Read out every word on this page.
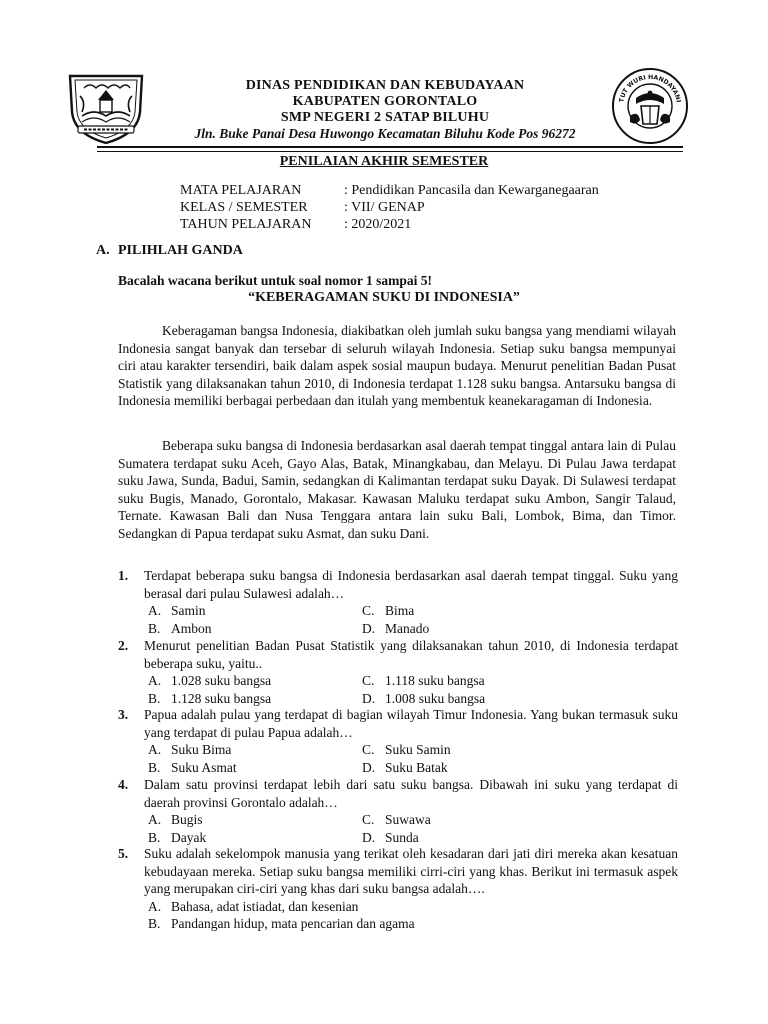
DINAS PENDIDIKAN DAN KEBUDAYAAN
KABUPATEN GORONTALO
SMP NEGERI 2 SATAP BILUHU
Jln. Buke Panai Desa Huwongo Kecamatan Biluhu Kode Pos 96272
TUT WURI HANDAYANI
PENILAIAN AKHIR SEMESTER
MATA PELAJARAN	: Pendidikan Pancasila dan Kewarganegaaran
KELAS / SEMESTER	: VII/ GENAP
TAHUN PELAJARAN	: 2020/2021
A. PILIHLAH GANDA
Bacalah wacana berikut untuk soal nomor 1 sampai 5!
“KEBERAGAMAN SUKU DI INDONESIA”
Keberagaman bangsa Indonesia, diakibatkan oleh jumlah suku bangsa yang mendiami wilayah Indonesia sangat banyak dan tersebar di seluruh wilayah Indonesia. Setiap suku bangsa mempunyai ciri atau karakter tersendiri, baik dalam aspek sosial maupun budaya. Menurut penelitian Badan Pusat Statistik yang dilaksanakan tahun 2010, di Indonesia terdapat 1.128 suku bangsa. Antarsuku bangsa di Indonesia memiliki berbagai perbedaan dan itulah yang membentuk keanekaragaman di Indonesia.
Beberapa suku bangsa di Indonesia berdasarkan asal daerah tempat tinggal antara lain di Pulau Sumatera terdapat suku Aceh, Gayo Alas, Batak, Minangkabau, dan Melayu. Di Pulau Jawa terdapat suku Jawa, Sunda, Badui, Samin, sedangkan di Kalimantan terdapat suku Dayak. Di Sulawesi terdapat suku Bugis, Manado, Gorontalo, Makasar. Kawasan Maluku terdapat suku Ambon, Sangir Talaud, Ternate. Kawasan Bali dan Nusa Tenggara antara lain suku Bali, Lombok, Bima, dan Timor. Sedangkan di Papua terdapat suku Asmat, dan suku Dani.
1.	Terdapat beberapa suku bangsa di Indonesia berdasarkan asal daerah tempat tinggal. Suku yang berasal dari pulau Sulawesi adalah…
A. Samin	C. Bima
B. Ambon	D. Manado
2.	Menurut penelitian Badan Pusat Statistik yang dilaksanakan tahun 2010, di Indonesia terdapat beberapa suku, yaitu..
A. 1.028 suku bangsa	C. 1.118 suku bangsa
B. 1.128 suku bangsa	D. 1.008 suku bangsa
3.	Papua adalah pulau yang terdapat di bagian wilayah Timur Indonesia. Yang bukan termasuk suku yang terdapat di pulau Papua adalah…
A. Suku Bima	C. Suku Samin
B. Suku Asmat	D. Suku Batak
4.	Dalam satu provinsi terdapat lebih dari satu suku bangsa. Dibawah ini suku yang terdapat di daerah provinsi Gorontalo adalah…
A. Bugis	C. Suwawa
B. Dayak	D. Sunda
5.	Suku adalah sekelompok manusia yang terikat oleh kesadaran dari jati diri mereka akan kesatuan kebudayaan mereka. Setiap suku bangsa memiliki cirri-ciri yang khas. Berikut ini termasuk aspek yang merupakan ciri-ciri yang khas dari suku bangsa adalah….
A. Bahasa, adat istiadat, dan kesenian
B. Pandangan hidup, mata pencarian dan agama
